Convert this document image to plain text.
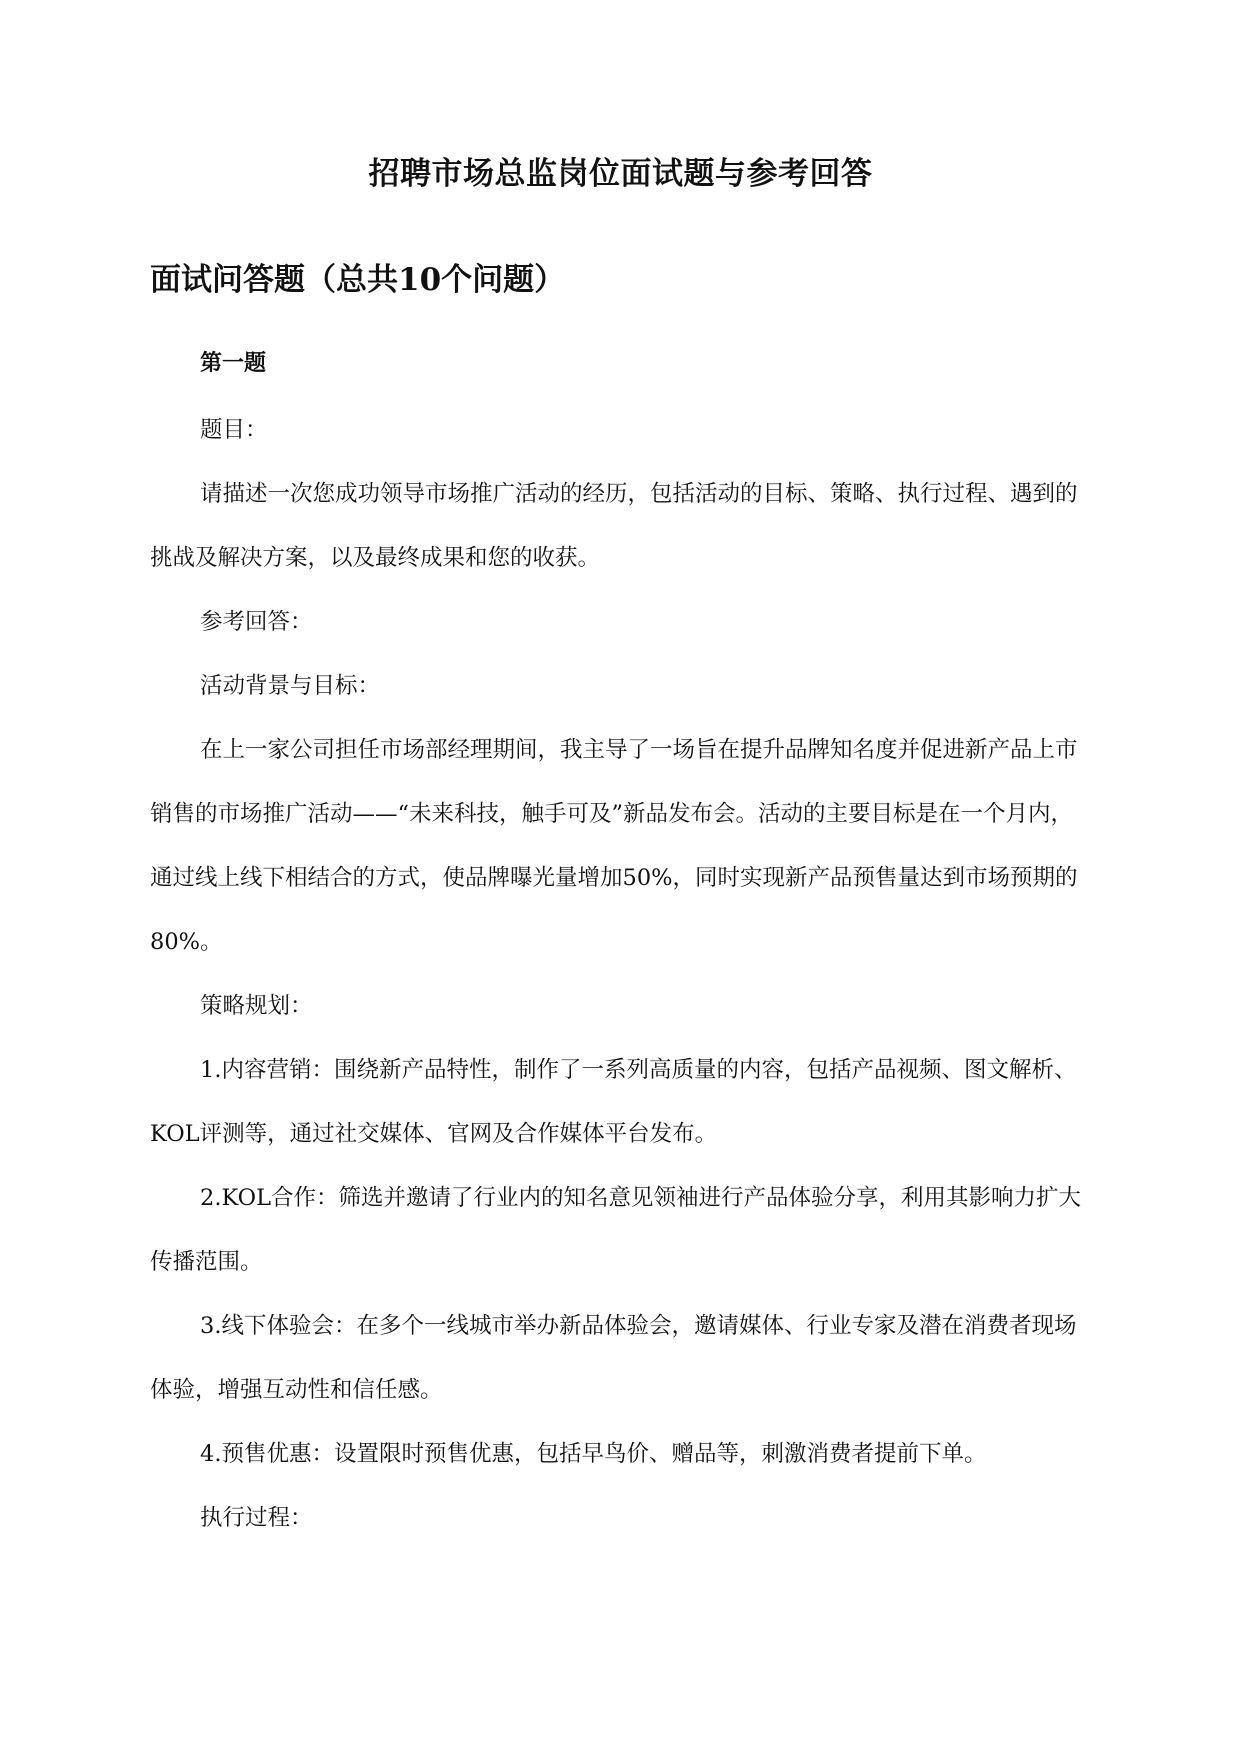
招聘市场总监岗位面试题与参考回答
面试问答题（总共10个问题）
第一题

题目：

请描述一次您成功领导市场推广活动的经历，包括活动的目标、策略、执行过程、遇到的挑战及解决方案，以及最终成果和您的收获。

参考回答：

活动背景与目标：

在上一家公司担任市场部经理期间，我主导了一场旨在提升品牌知名度并促进新产品上市销售的市场推广活动——“未来科技，触手可及”新品发布会。活动的主要目标是在一个月内，通过线上线下相结合的方式，使品牌曝光量增加50%，同时实现新产品预售量达到市场预期的80%。

策略规划：

1.内容营销：围绕新产品特性，制作了一系列高质量的内容，包括产品视频、图文解析、KOL评测等，通过社交媒体、官网及合作媒体平台发布。

2.KOL合作：筛选并邀请了行业内的知名意见领袖进行产品体验分享，利用其影响力扩大传播范围。

3.线下体验会：在多个一线城市举办新品体验会，邀请媒体、行业专家及潜在消费者现场体验，增强互动性和信任感。

4.预售优惠：设置限时预售优惠，包括早鸟价、赠品等，刺激消费者提前下单。

执行过程：
